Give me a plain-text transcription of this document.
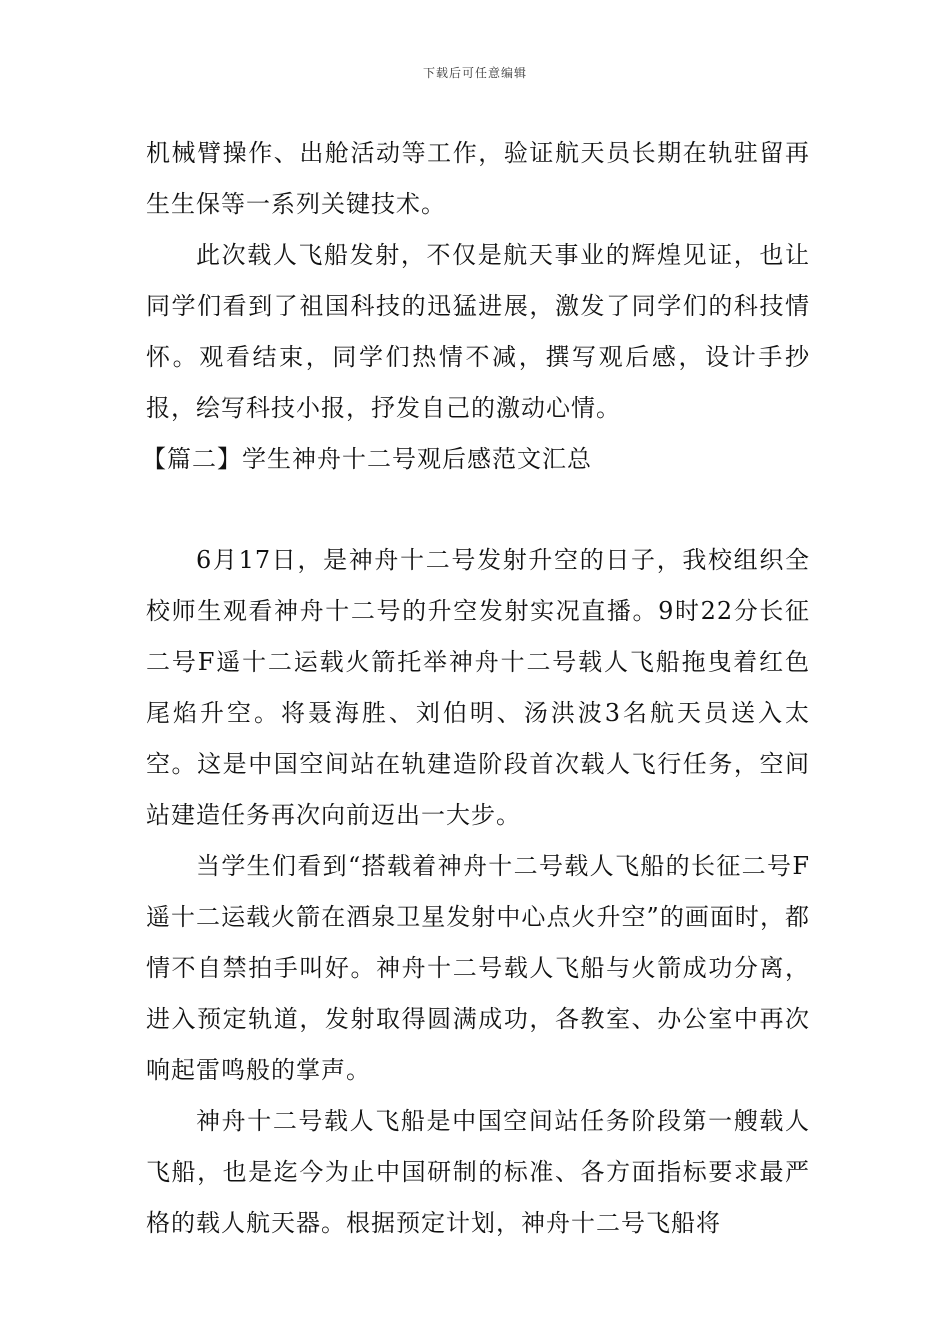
下载后可任意编辑

机械臂操作、出舱活动等工作，验证航天员长期在轨驻留再生生保等一系列关键技术。

此次载人飞船发射，不仅是航天事业的辉煌见证，也让同学们看到了祖国科技的迅猛进展，激发了同学们的科技情怀。观看结束，同学们热情不减，撰写观后感，设计手抄报，绘写科技小报，抒发自己的激动心情。

【篇二】学生神舟十二号观后感范文汇总

6月17日，是神舟十二号发射升空的日子，我校组织全校师生观看神舟十二号的升空发射实况直播。9时22分长征二号F遥十二运载火箭托举神舟十二号载人飞船拖曳着红色尾焰升空。将聂海胜、刘伯明、汤洪波3名航天员送入太空。这是中国空间站在轨建造阶段首次载人飞行任务，空间站建造任务再次向前迈出一大步。

当学生们看到“搭载着神舟十二号载人飞船的长征二号F遥十二运载火箭在酒泉卫星发射中心点火升空”的画面时，都情不自禁拍手叫好。神舟十二号载人飞船与火箭成功分离，进入预定轨道，发射取得圆满成功，各教室、办公室中再次响起雷鸣般的掌声。

神舟十二号载人飞船是中国空间站任务阶段第一艘载人飞船，也是迄今为止中国研制的标准、各方面指标要求最严格的载人航天器。根据预定计划，神舟十二号飞船将
